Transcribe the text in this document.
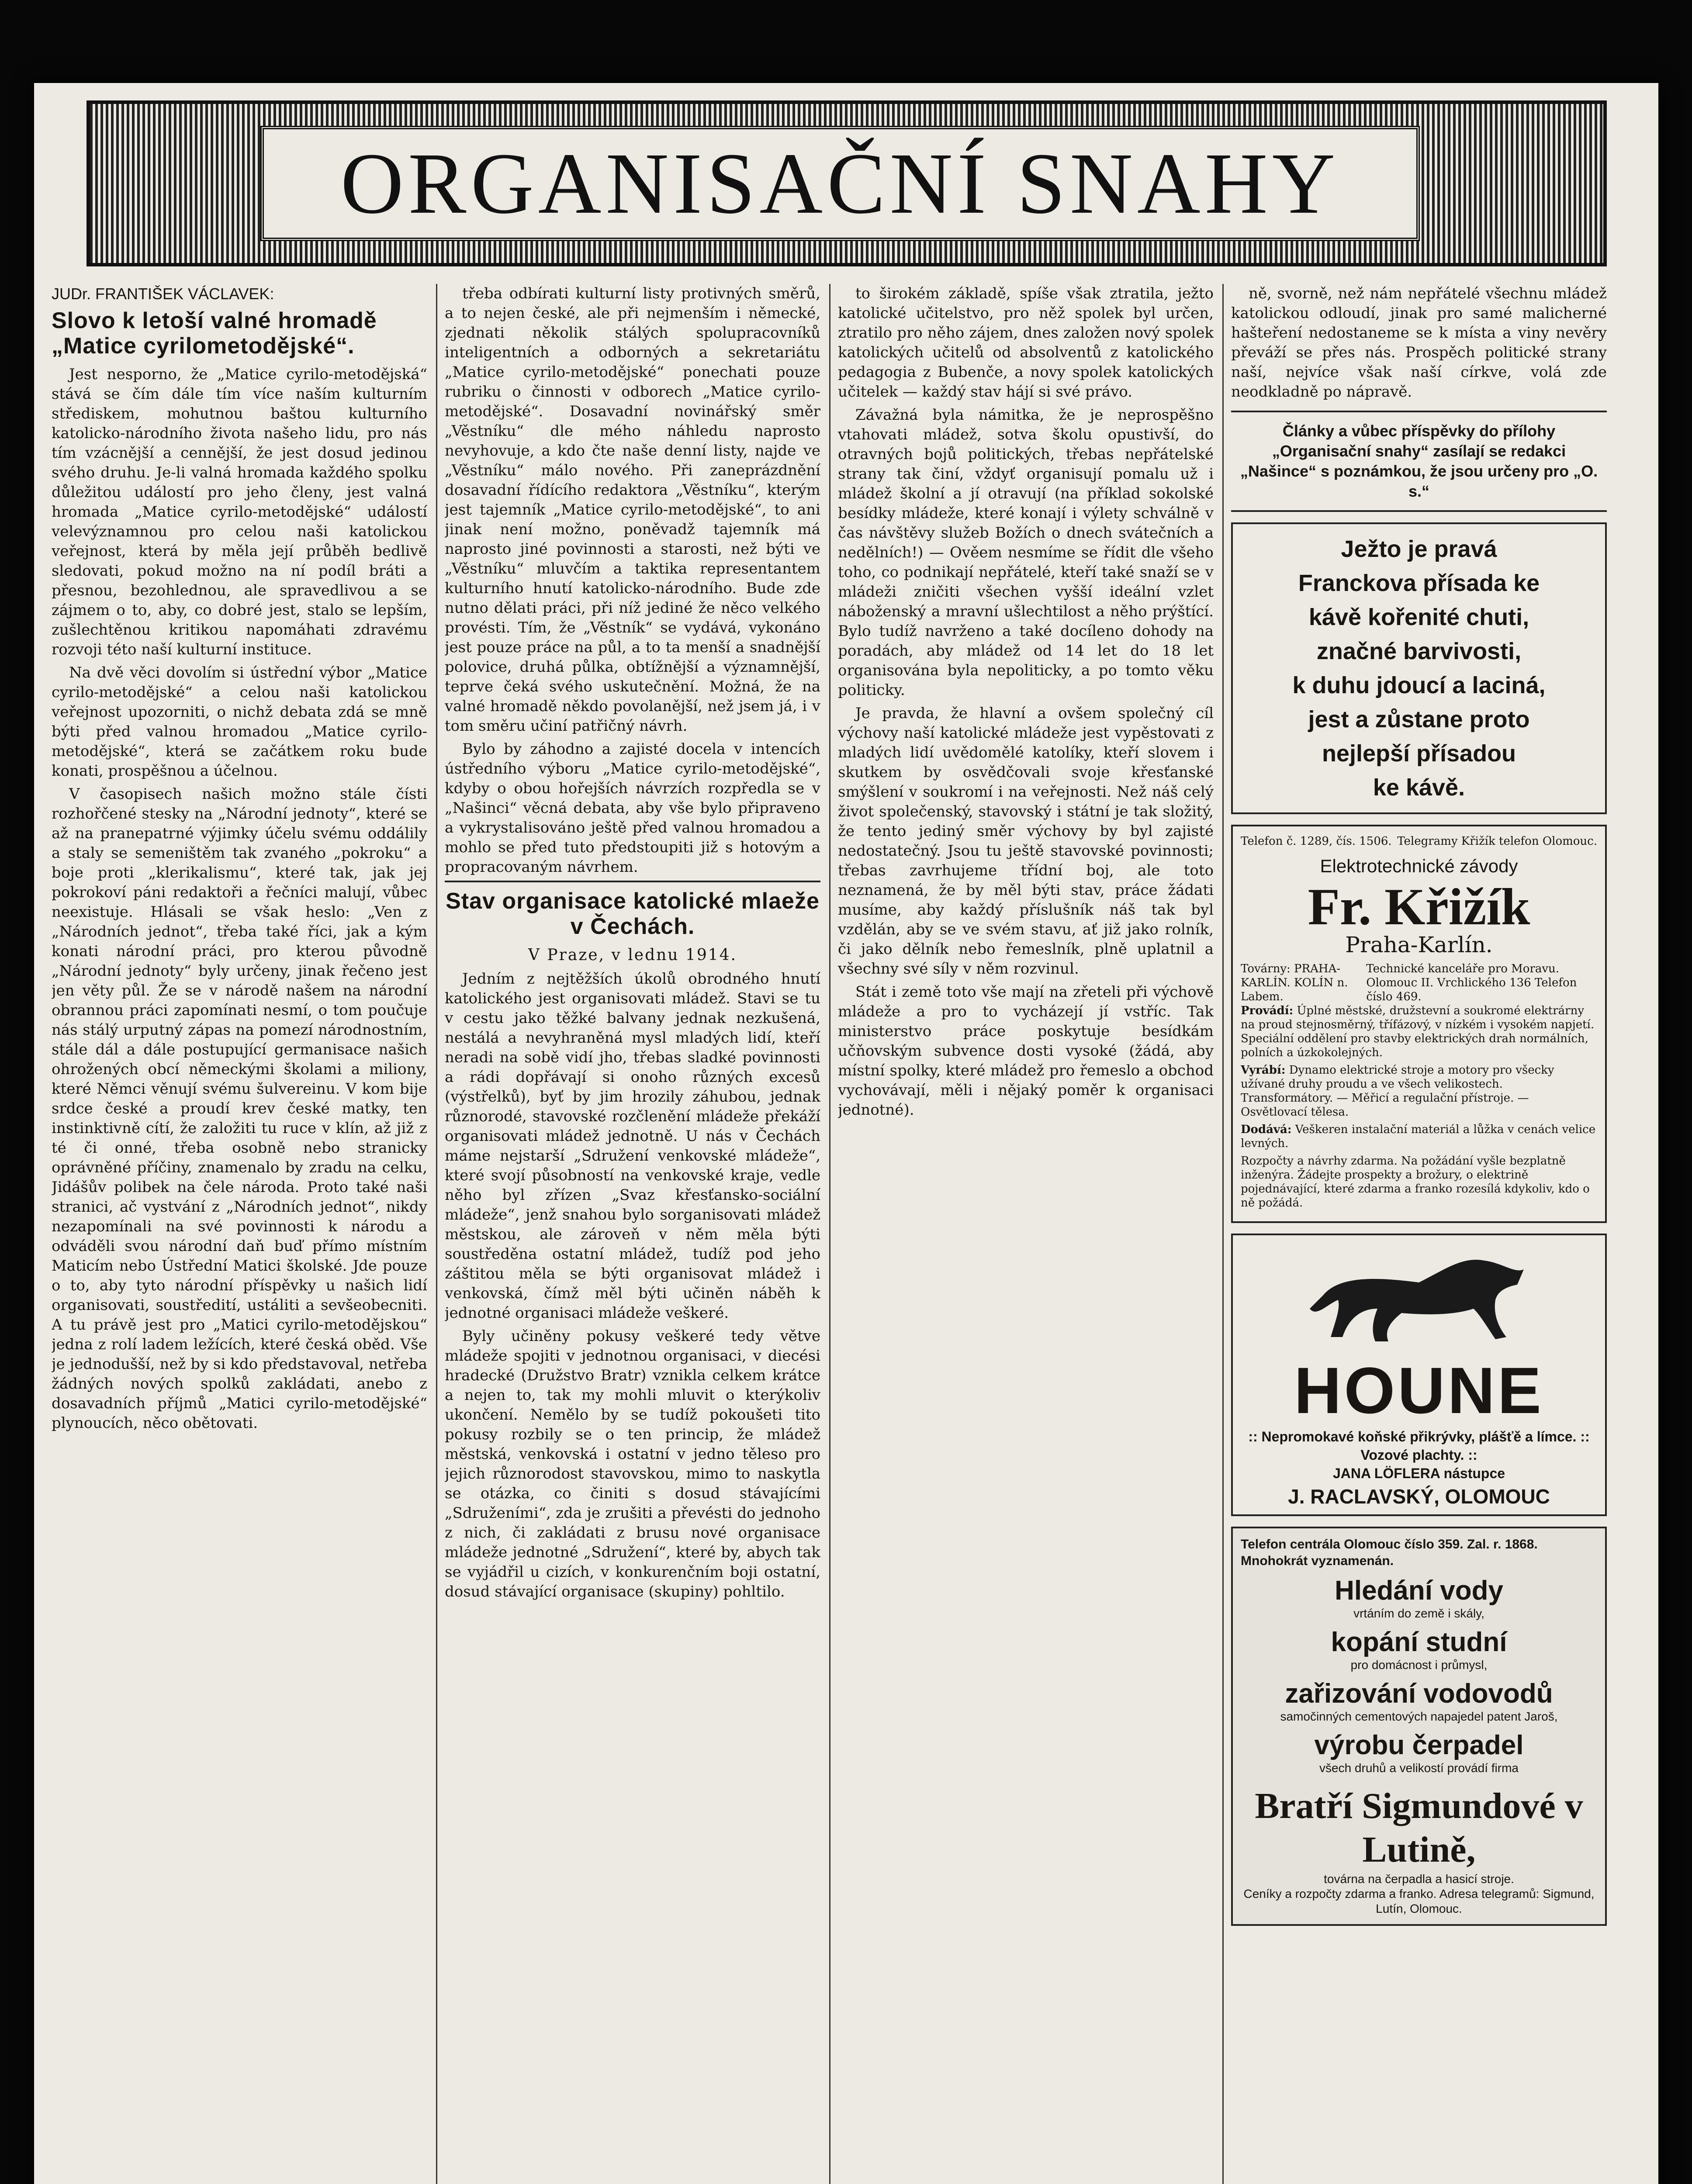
ORGANISAČNÍ SNAHY
JUDr. FRANTIŠEK VÁCLAVEK:
Slovo k letoší valné hromadě „Matice cyrilometodějské“.

Jest nesporno, že „Matice cyrilo-metodějská“ stává se čím dále tím více naším kulturním střediskem, mohutnou baštou kulturního katolicko-národního života našeho lidu, pro nás tím vzácnější a cennější, že jest dosud jedinou svého druhu. Je-li valná hromada každého spolku důležitou událostí pro jeho členy, jest valná hromada „Matice cyrilo-metodějské“ událostí velevýznamnou pro celou naši katolickou veřejnost, která by měla její průběh bedlivě sledovati, pokud možno na ní podíl bráti a přesnou, bezohlednou, ale spravedlivou a se zájmem o to, aby, co dobré jest, stalo se lepším, zušlechtěnou kritikou napomáhati zdravému rozvoji této naší kulturní instituce.

Na dvě věci dovolím si ústřední výbor „Matice cyrilo-metodějské“ a celou naši katolickou veřejnost upozorniti, o nichž debata zdá se mně býti před valnou hromadou „Matice cyrilo-metodějské“, která se začátkem roku bude konati, prospěšnou a účelnou.

V časopisech našich možno stále čísti rozhořčené stesky na „Národní jednoty“, které se až na pranepatrné výjimky účelu svému oddálily a staly se semeništěm tak zvaného „pokroku“ a boje proti „klerikalismu“, které tak, jak jej pokrokoví páni redaktoři a řečníci malují, vůbec neexistuje. Hlásali se však heslo: „Ven z „Národních jednot“, třeba také říci, jak a kým konati národní práci, pro kterou původně „Národní jednoty“ byly určeny, jinak řečeno jest jen věty půl. Že se v národě našem na národní obrannou práci zapomínati nesmí, o tom poučuje nás stálý urputný zápas na pomezí národnostním, stále dál a dále postupující germanisace našich ohrožených obcí německými školami a miliony, které Němci věnují svému šulvereinu. V kom bije srdce české a proudí krev české matky, ten instinktivně cítí, že založiti tu ruce v klín, až již z té či onné, třeba osobně nebo stranicky oprávněné příčiny, znamenalo by zradu na celku, Jidášův polibek na čele národa. Proto také naši stranici, ač vystvání z „Národních jednot“, nikdy nezapomínali na své povinnosti k národu a odváděli svou národní daň buď přímo místním Maticím nebo Ústřední Matici školské. Jde pouze o to, aby tyto národní příspěvky u našich lidí organisovati, soustředití, ustáliti a sevšeobecniti. A tu právě jest pro „Matici cyrilo-metodějskou“ jedna z rolí ladem ležících, které česká oběd. Vše je jednodušší, než by si kdo představoval, netřeba žádných nových spolků zakládati, anebo z dosavadních příjmů „Matici cyrilo-metodějské“ plynoucích, něco obětovati.

třeba odbírati kulturní listy protivných směrů, a to nejen české, ale při nejmenším i německé, zjednati několik stálých spolupracovníků inteligentních a odborných a sekretariátu „Matice cyrilo-metodějské“ ponechati pouze rubriku o činnosti v odborech „Matice cyrilo-metodějské“. Dosavadní novinářský směr „Věstníku“ dle mého náhledu naprosto nevyhovuje, a kdo čte naše denní listy, najde ve „Věstníku“ málo nového. Při zaneprázdnění dosavadní řídícího redaktora „Věstníku“, kterým jest tajemník „Matice cyrilo-metodějské“, to ani jinak není možno, poněvadž tajemník má naprosto jiné povinnosti a starosti, než býti ve „Věstníku“ mluvčím a taktika representantem kulturního hnutí katolicko-národního. Bude zde nutno dělati práci, při níž jediné že něco velkého provésti. Tím, že „Věstník“ se vydává, vykonáno jest pouze práce na půl, a to ta menší a snadnější polovice, druhá půlka, obtížnější a významnější, teprve čeká svého uskutečnění. Možná, že na valné hromadě někdo povolanější, než jsem já, i v tom směru učiní patřičný návrh.

Bylo by záhodno a zajisté docela v intencích ústředního výboru „Matice cyrilo-metodějské“, kdyby o obou hořejších návrzích rozpředla se v „Našinci“ věcná debata, aby vše bylo připraveno a vykrystalisováno ještě před valnou hromadou a mohlo se před tuto předstoupiti již s hotovým a propracovaným návrhem.

Stav organisace katolické mlaeže v Čechách.
V Praze, v lednu 1914.

Jedním z nejtěžších úkolů obrodného hnutí katolického jest organisovati mládež. Stavi se tu v cestu jako těžké balvany jednak nezkušená, nestálá a nevyhraněná mysl mladých lidí, kteří neradi na sobě vidí jho, třebas sladké povinnosti a rádi dopřávají si onoho různých excesů (výstřelků), byť by jim hrozily záhubou, jednak různorodé, stavovské rozčlenění mládeže překáží organisovati mládež jednotně. U nás v Čechách máme nejstarší „Sdružení venkovské mládeže“, které svojí působností na venkovské kraje, vedle něho byl zřízen „Svaz křesťansko-sociální mládeže“, jenž snahou bylo sorganisovati mládež městskou, ale zároveň v něm měla býti soustředěna ostatní mládež, tudíž pod jeho záštitou měla se býti organisovat mládež i venkovská, čímž měl býti učiněn náběh k jednotné organisaci mládeže veškeré.

Byly učiněny pokusy veškeré tedy větve mládeže spojiti v jednotnou organisaci, v diecési hradecké (Družstvo Bratr) vznikla celkem krátce a nejen to, tak my mohli mluvit o kterýkoliv ukončení. Nemělo by se tudíž pokoušeti tito pokusy rozbily se o ten princip, že mládež městská, venkovská i ostatní v jedno těleso pro jejich různorodost stavovskou, mimo to naskytla se otázka, co činiti s dosud stávajícími „Sdruženími“, zda je zrušiti a převésti do jednoho z nich, či zakládati z brusu nové organisace mládeže jednotné „Sdružení“, které by, abych tak se vyjádřil u cizích, v konkurenčním boji ostatní, dosud stávající organisace (skupiny) pohltilo.

to širokém základě, spíše však ztratila, ježto katolické učitelstvo, pro něž spolek byl určen, ztratilo pro něho zájem, dnes založen nový spolek katolických učitelů od absolventů z katolického pedagogia z Bubenče, a novy spolek katolických učitelek — každý stav hájí si své právo.

Závažná byla námitka, že je neprospěšno vtahovati mládež, sotva školu opustivší, do otravných bojů politických, třebas nepřátelské strany tak činí, vždyť organisují pomalu už i mládež školní a jí otravují (na příklad sokolské besídky mládeže, které konají i výlety schválně v čas návštěvy služeb Božích o dnech svátečních a nedělních!) — Ověem nesmíme se řídit dle všeho toho, co podnikají nepřátelé, kteří také snaží se v mládeži zničiti všechen vyšší ideální vzlet náboženský a mravní ušlechtilost a něho prýštící. Bylo tudíž navrženo a také docíleno dohody na poradách, aby mládež od 14 let do 18 let organisována byla nepoliticky, a po tomto věku politicky.

Je pravda, že hlavní a ovšem společný cíl výchovy naší katolické mládeže jest vypěstovati z mladých lidí uvědomělé katolíky, kteří slovem i skutkem by osvědčovali svoje křesťanské smýšlení v soukromí i na veřejnosti. Než náš celý život společenský, stavovský i státní je tak složitý, že tento jediný směr výchovy by byl zajisté nedostatečný. Jsou tu ještě stavovské povinnosti; třebas zavrhujeme třídní boj, ale toto neznamená, že by měl býti stav, práce žádati musíme, aby každý příslušník náš tak byl vzdělán, aby se ve svém stavu, ať již jako rolník, či jako dělník nebo řemeslník, plně uplatnil a všechny své síly v něm rozvinul.

Stát i země toto vše mají na zřeteli při výchově mládeže a pro to vycházejí jí vstříc. Tak ministerstvo práce poskytuje besídkám učňovským subvence dosti vysoké (žádá, aby místní spolky, které mládež pro řemeslo a obchod vychovávají, měli i nějaký poměr k organisaci jednotné).

ně, svorně, než nám nepřátelé všechnu mládež katolickou odloudí, jinak pro samé malicherné hašteření nedostaneme se k místa a viny nevěry převáží se přes nás. Prospěch politické strany naší, nejvíce však naší církve, volá zde neodkladně po nápravě.

Články a vůbec příspěvky do přílohy „Organisační snahy“ zasílají se redakci „Našince“ s poznámkou, že jsou určeny pro „O. s.“

Ježto je pravá

Franckova přísada ke

kávě kořenité chuti,

značné barvivosti,

k duhu jdoucí a laciná,

jest a zůstane proto

nejlepší přísadou

ke kávě.

Telefon č. 1289, čís. 1506. Telegramy Křižík telefon Olomouc.
Elektrotechnické závody
Fr. Křižík
Praha-Karlín.
Továrny: PRAHA-KARLÍN. KOLÍN n. Labem.
Technické kanceláře pro Moravu. Olomouc II. Vrchlického 136 Telefon číslo 469.

Provádí: Úplné městské, družstevní a soukromé elektrárny na proud stejnosměrný, třífázový, v nízkém i vysokém napjetí. Speciální oddělení pro stavby elektrických drah normálních, polních a úzkokolejných.

Vyrábí: Dynamo elektrické stroje a motory pro všecky užívané druhy proudu a ve všech velikostech. Transformátory. — Měřicí a regulační přístroje. — Osvětlovací tělesa.

Dodává: Veškeren instalační materiál a lůžka v cenách velice levných.

Rozpočty a návrhy zdarma. Na požádání vyšle bezplatně inženýra. Žádejte prospekty a brožury, o elektrině pojednávající, které zdarma a franko rozesílá kdykoliv, kdo o ně požádá.

HOUNE
:: Nepromokavé koňské přikrývky, plášťě a límce. :: Vozové plachty. ::
JANA LÖFLERA nástupce
J. RACLAVSKÝ, OLOMOUC
Telefon centrála Olomouc číslo 359. Zal. r. 1868. Mnohokrát vyznamenán.
Hledání vody
vrtáním do země i skály,
kopání studní
pro domácnost i průmysl,
zařizování vodovodů
samočinných cementových napajedel patent Jaroš,
výrobu čerpadel
všech druhů a velikostí provádí firma
Bratří Sigmundové v Lutině,
továrna na čerpadla a hasicí stroje.
Ceníky a rozpočty zdarma a franko. Adresa telegramů: Sigmund, Lutín, Olomouc.
